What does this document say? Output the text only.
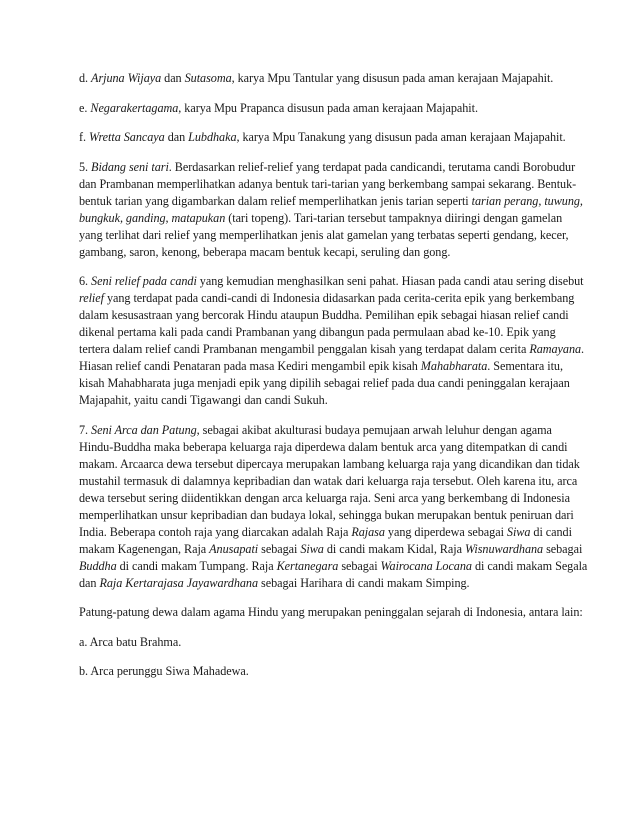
d. Arjuna Wijaya dan Sutasoma, karya Mpu Tantular yang disusun pada aman kerajaan Majapahit.

e. Negarakertagama, karya Mpu Prapanca disusun pada aman kerajaan Majapahit.

f. Wretta Sancaya dan Lubdhaka, karya Mpu Tanakung yang disusun pada aman kerajaan Majapahit.

5. Bidang seni tari. Berdasarkan relief-relief yang terdapat pada candicandi, terutama candi Borobudur dan Prambanan memperlihatkan adanya bentuk tari-tarian yang berkembang sampai sekarang. Bentuk-bentuk tarian yang digambarkan dalam relief memperlihatkan jenis tarian seperti tarian perang, tuwung, bungkuk, ganding, matapukan (tari topeng). Tari-tarian tersebut tampaknya diiringi dengan gamelan yang terlihat dari relief yang memperlihatkan jenis alat gamelan yang terbatas seperti gendang, kecer, gambang, saron, kenong, beberapa macam bentuk kecapi, seruling dan gong.

6. Seni relief pada candi yang kemudian menghasilkan seni pahat. Hiasan pada candi atau sering disebut relief yang terdapat pada candi-candi di Indonesia didasarkan pada cerita-cerita epik yang berkembang dalam kesusastraan yang bercorak Hindu ataupun Buddha. Pemilihan epik sebagai hiasan relief candi dikenal pertama kali pada candi Prambanan yang dibangun pada permulaan abad ke-10. Epik yang tertera dalam relief candi Prambanan mengambil penggalan kisah yang terdapat dalam cerita Ramayana. Hiasan relief candi Penataran pada masa Kediri mengambil epik kisah Mahabharata. Sementara itu, kisah Mahabharata juga menjadi epik yang dipilih sebagai relief pada dua candi peninggalan kerajaan Majapahit, yaitu candi Tigawangi dan candi Sukuh.

7. Seni Arca dan Patung, sebagai akibat akulturasi budaya pemujaan arwah leluhur dengan agama Hindu-Buddha maka beberapa keluarga raja diperdewa dalam bentuk arca yang ditempatkan di candi makam. Arcaarca dewa tersebut dipercaya merupakan lambang keluarga raja yang dicandikan dan tidak mustahil termasuk di dalamnya kepribadian dan watak dari keluarga raja tersebut. Oleh karena itu, arca dewa tersebut sering diidentikkan dengan arca keluarga raja. Seni arca yang berkembang di Indonesia memperlihatkan unsur kepribadian dan budaya lokal, sehingga bukan merupakan bentuk peniruan dari India. Beberapa contoh raja yang diarcakan adalah Raja Rajasa yang diperdewa sebagai Siwa di candi makam Kagenengan, Raja Anusapati sebagai Siwa di candi makam Kidal, Raja Wisnuwardhana sebagai Buddha di candi makam Tumpang. Raja Kertanegara sebagai Wairocana Locana di candi makam Segala dan Raja Kertarajasa Jayawardhana sebagai Harihara di candi makam Simping.

Patung-patung dewa dalam agama Hindu yang merupakan peninggalan sejarah di Indonesia, antara lain:

a. Arca batu Brahma.

b. Arca perunggu Siwa Mahadewa.
